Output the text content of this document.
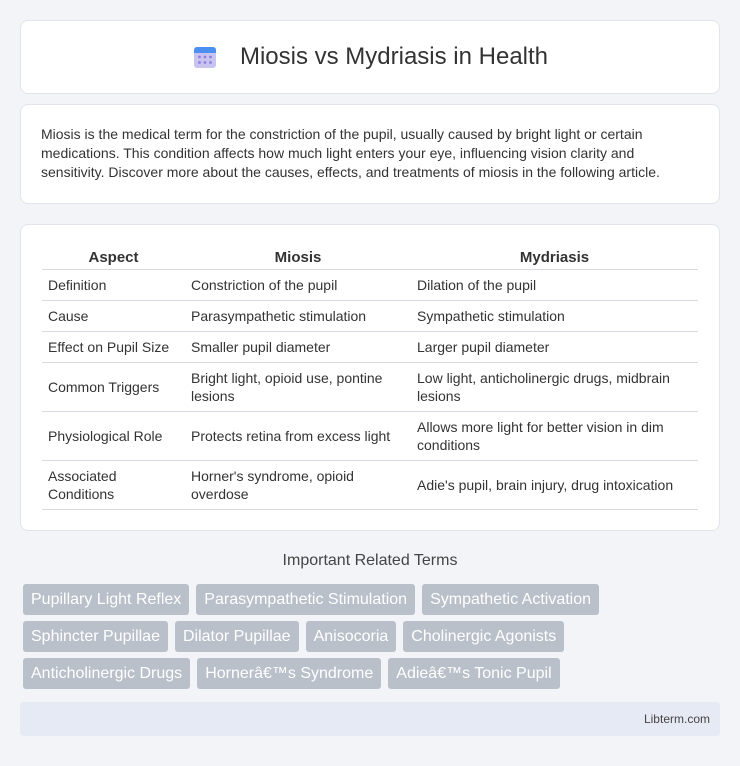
Miosis vs Mydriasis in Health

Miosis is the medical term for the constriction of the pupil, usually caused by bright light or certain medications. This condition affects how much light enters your eye, influencing vision clarity and sensitivity. Discover more about the causes, effects, and treatments of miosis in the following article.

Aspect	Miosis	Mydriasis
Definition	Constriction of the pupil	Dilation of the pupil
Cause	Parasympathetic stimulation	Sympathetic stimulation
Effect on Pupil Size	Smaller pupil diameter	Larger pupil diameter
Common Triggers	Bright light, opioid use, pontine lesions	Low light, anticholinergic drugs, midbrain lesions
Physiological Role	Protects retina from excess light	Allows more light for better vision in dim conditions
Associated Conditions	Horner's syndrome, opioid overdose	Adie's pupil, brain injury, drug intoxication
Important Related Terms
Pupillary Light Reflex	Parasympathetic Stimulation	Sympathetic Activation
Sphincter Pupillae	Dilator Pupillae	Anisocoria	Cholinergic Agonists
Anticholinergic Drugs	Hornerâ€™s Syndrome	Adieâ€™s Tonic Pupil
Libterm.com
